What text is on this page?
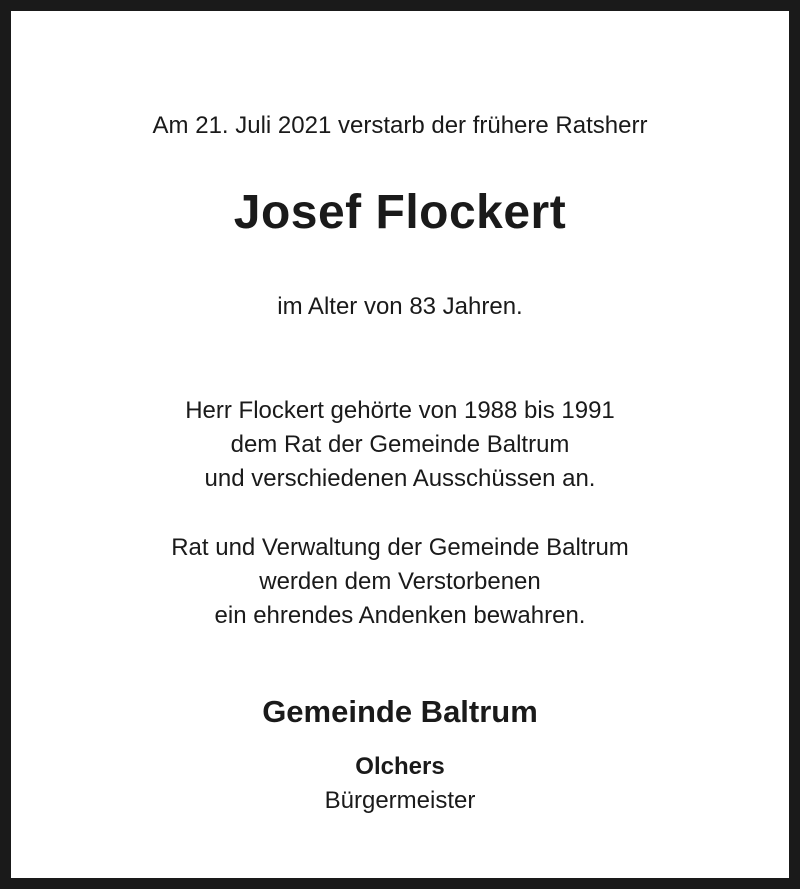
Am 21. Juli 2021 verstarb der frühere Ratsherr
Josef Flockert
im Alter von 83 Jahren.
Herr Flockert gehörte von 1988 bis 1991
dem Rat der Gemeinde Baltrum
und verschiedenen Ausschüssen an.
Rat und Verwaltung der Gemeinde Baltrum
werden dem Verstorbenen
ein ehrendes Andenken bewahren.
Gemeinde Baltrum
Olchers
Bürgermeister
